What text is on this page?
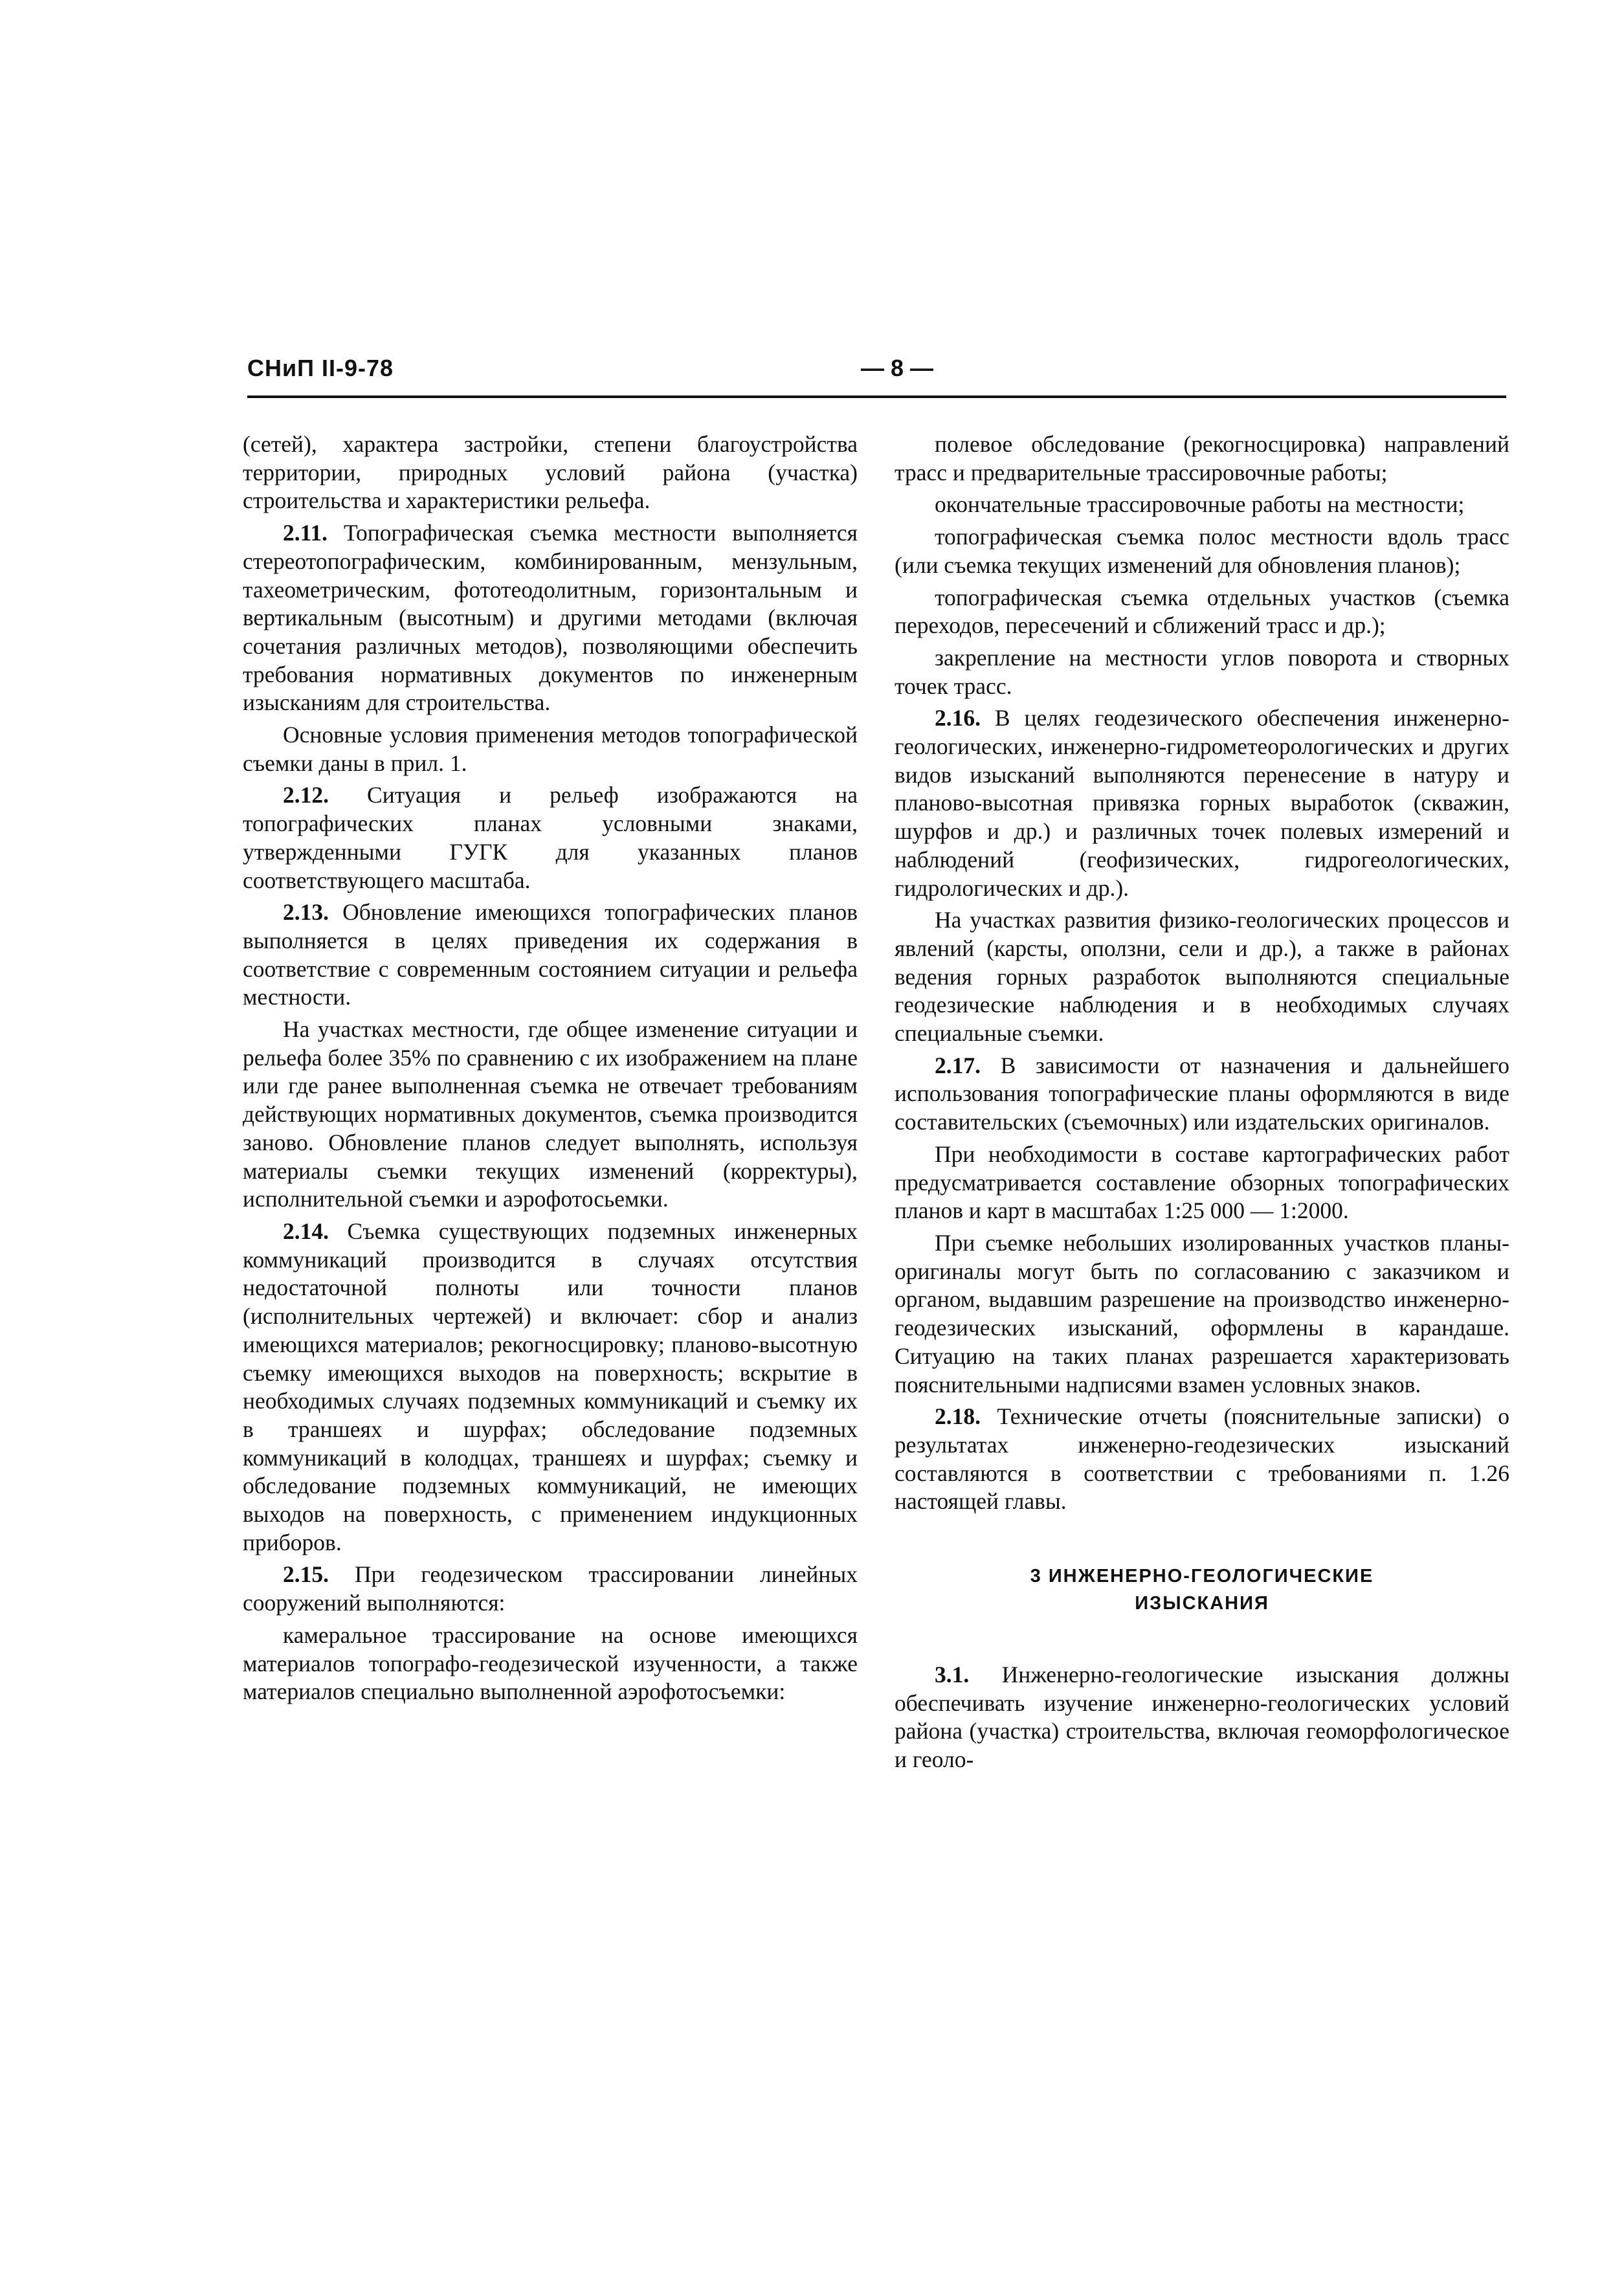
СНиП II-9-78	— 8 —

(сетей), характера застройки, степени благоустройства территории, природных условий района (участка) строительства и характеристики рельефа.

2.11. Топографическая съемка местности выполняется стереотопографическим, комбинированным, мензульным, тахеометрическим, фототеодолитным, горизонтальным и вертикальным (высотным) и другими методами (включая сочетания различных методов), позволяющими обеспечить требования нормативных документов по инженерным изысканиям для строительства.

Основные условия применения методов топографической съемки даны в прил. 1.

2.12. Ситуация и рельеф изображаются на топографических планах условными знаками, утвержденными ГУГК для указанных планов соответствующего масштаба.

2.13. Обновление имеющихся топографических планов выполняется в целях приведения их содержания в соответствие с современным состоянием ситуации и рельефа местности.

На участках местности, где общее изменение ситуации и рельефа более 35% по сравнению с их изображением на плане или где ранее выполненная съемка не отвечает требованиям действующих нормативных документов, съемка производится заново. Обновление планов следует выполнять, используя материалы съемки текущих изменений (корректуры), исполнительной съемки и аэрофотосьемки.

2.14. Съемка существующих подземных инженерных коммуникаций производится в случаях отсутствия недостаточной полноты или точности планов (исполнительных чертежей) и включает: сбор и анализ имеющихся материалов; рекогносцировку; планово-высотную съемку имеющихся выходов на поверхность; вскрытие в необходимых случаях подземных коммуникаций и съемку их в траншеях и шурфах; обследование подземных коммуникаций в колодцах, траншеях и шурфах; съемку и обследование подземных коммуникаций, не имеющих выходов на поверхность, с применением индукционных приборов.

2.15. При геодезическом трассировании линейных сооружений выполняются:

камеральное трассирование на основе имеющихся материалов топографо-геодезической изученности, а также материалов специально выполненной аэрофотосъемки:

полевое обследование (рекогносцировка) направлений трасс и предварительные трассировочные работы;

окончательные трассировочные работы на местности;

топографическая съемка полос местности вдоль трасс (или съемка текущих изменений для обновления планов);

топографическая съемка отдельных участков (съемка переходов, пересечений и сближений трасс и др.);

закрепление на местности углов поворота и створных точек трасс.

2.16. В целях геодезического обеспечения инженерно-геологических, инженерно-гидрометеорологических и других видов изысканий выполняются перенесение в натуру и планово-высотная привязка горных выработок (скважин, шурфов и др.) и различных точек полевых измерений и наблюдений (геофизических, гидрогеологических, гидрологических и др.).

На участках развития физико-геологических процессов и явлений (карсты, оползни, сели и др.), а также в районах ведения горных разработок выполняются специальные геодезические наблюдения и в необходимых случаях специальные съемки.

2.17. В зависимости от назначения и дальнейшего использования топографические планы оформляются в виде составительских (съемочных) или издательских оригиналов.

При необходимости в составе картографических работ предусматривается составление обзорных топографических планов и карт в масштабах 1:25 000 — 1:2000.

При съемке небольших изолированных участков планы-оригиналы могут быть по согласованию с заказчиком и органом, выдавшим разрешение на производство инженерно-геодезических изысканий, оформлены в карандаше. Ситуацию на таких планах разрешается характеризовать пояснительными надписями взамен условных знаков.

2.18. Технические отчеты (пояснительные записки) о результатах инженерно-геодезических изысканий составляются в соответствии с требованиями п. 1.26 настоящей главы.

3 ИНЖЕНЕРНО-ГЕОЛОГИЧЕСКИЕ
ИЗЫСКАНИЯ

3.1. Инженерно-геологические изыскания должны обеспечивать изучение инженерно-геологических условий района (участка) строительства, включая геоморфологическое и геоло-
